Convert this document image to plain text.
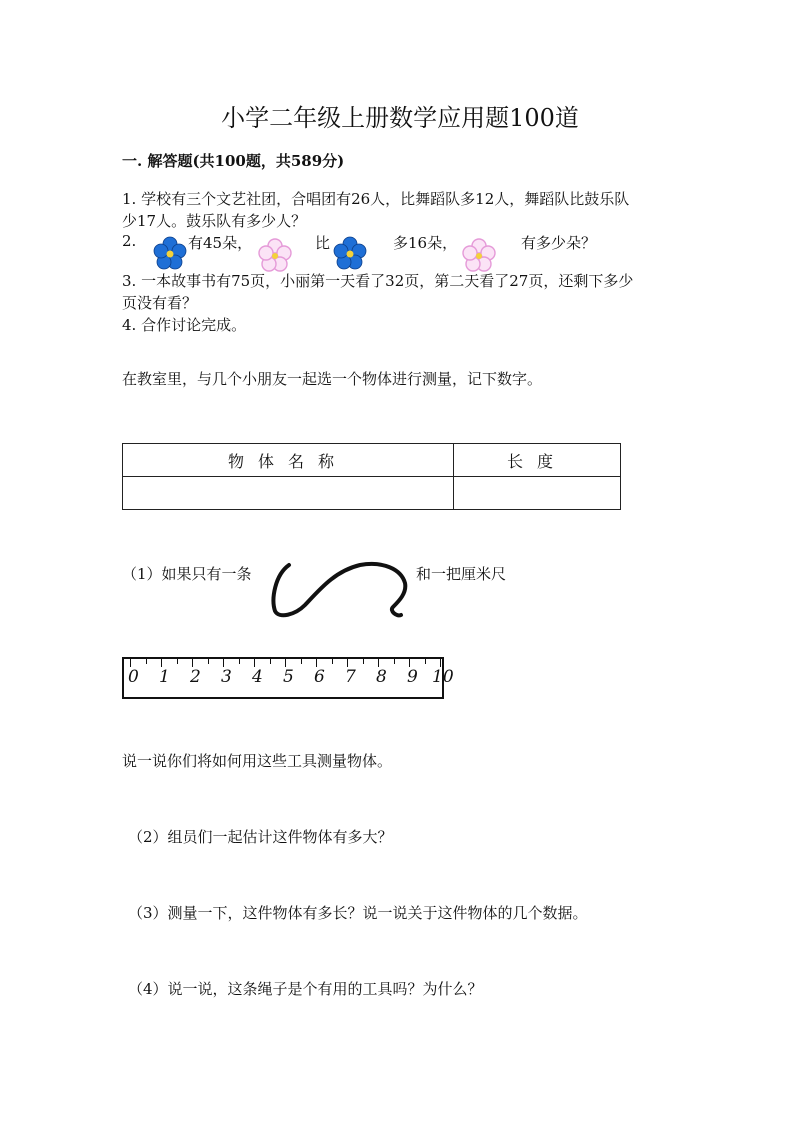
小学二年级上册数学应用题100道
一. 解答题(共100题，共589分)
1. 学校有三个文艺社团，合唱团有26人，比舞蹈队多12人，舞蹈队比鼓乐队
少17人。鼓乐队有多少人？
2.	有45朵，	比	多16朵，	有多少朵？
3. 一本故事书有75页，小丽第一天看了32页，第二天看了27页，还剩下多少
页没有看？
4. 合作讨论完成。
在教室里，与几个小朋友一起选一个物体进行测量，记下数字。
物体名称	长度

（1）如果只有一条	和一把厘米尺
0 1 2 3 4 5 6 7 8 9 10
说一说你们将如何用这些工具测量物体。
（2）组员们一起估计这件物体有多大？
（3）测量一下，这件物体有多长？说一说关于这件物体的几个数据。
（4）说一说，这条绳子是个有用的工具吗？为什么？
